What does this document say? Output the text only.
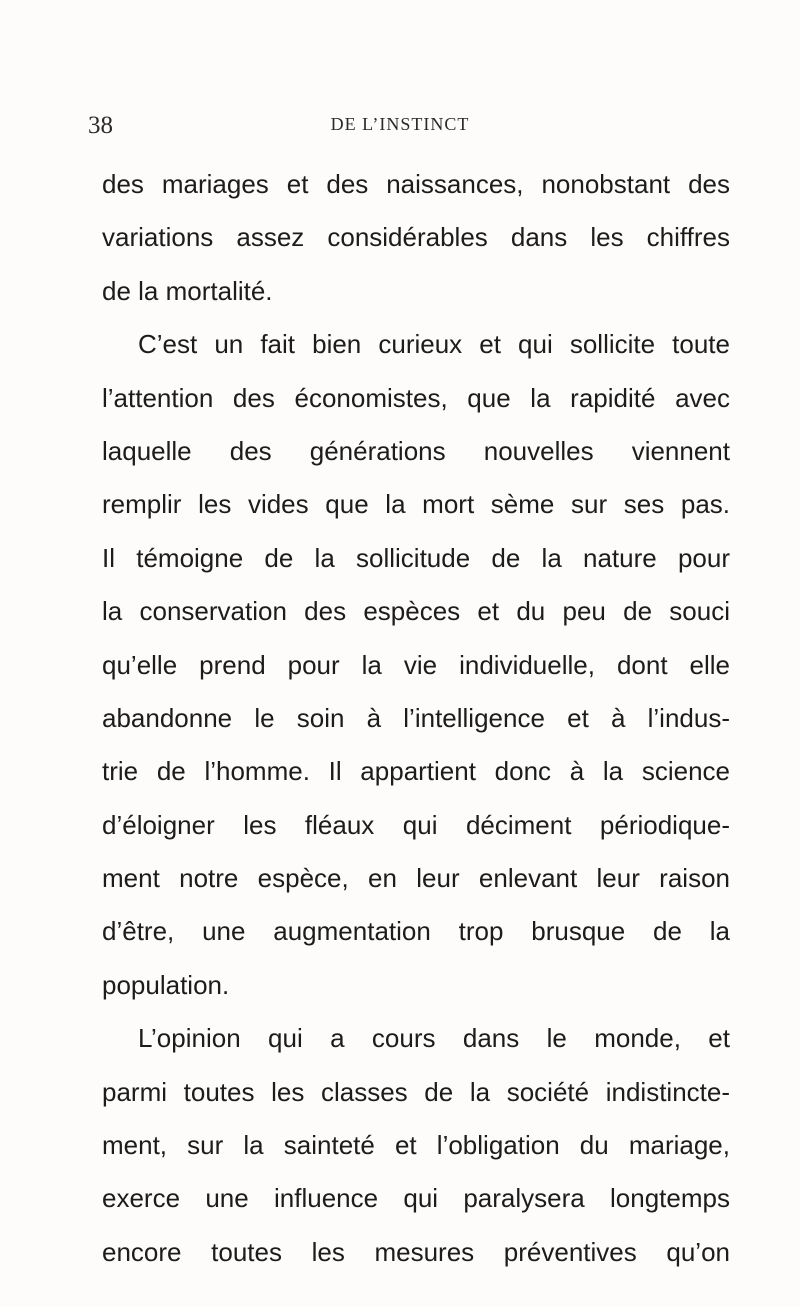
38	DE L’INSTINCT
des mariages et des naissances, nonobstant des
variations assez considérables dans les chiffres
de la mortalité.
C’est un fait bien curieux et qui sollicite toute
l’attention des économistes, que la rapidité avec
laquelle des générations nouvelles viennent
remplir les vides que la mort sème sur ses pas.
Il témoigne de la sollicitude de la nature pour
la conservation des espèces et du peu de souci
qu’elle prend pour la vie individuelle, dont elle
abandonne le soin à l’intelligence et à l’indus-
trie de l’homme. Il appartient donc à la science
d’éloigner les fléaux qui déciment périodique-
ment notre espèce, en leur enlevant leur raison
d’être, une augmentation trop brusque de la
population.
L’opinion qui a cours dans le monde, et
parmi toutes les classes de la société indistincte-
ment, sur la sainteté et l’obligation du mariage,
exerce une influence qui paralysera longtemps
encore toutes les mesures préventives qu’on
